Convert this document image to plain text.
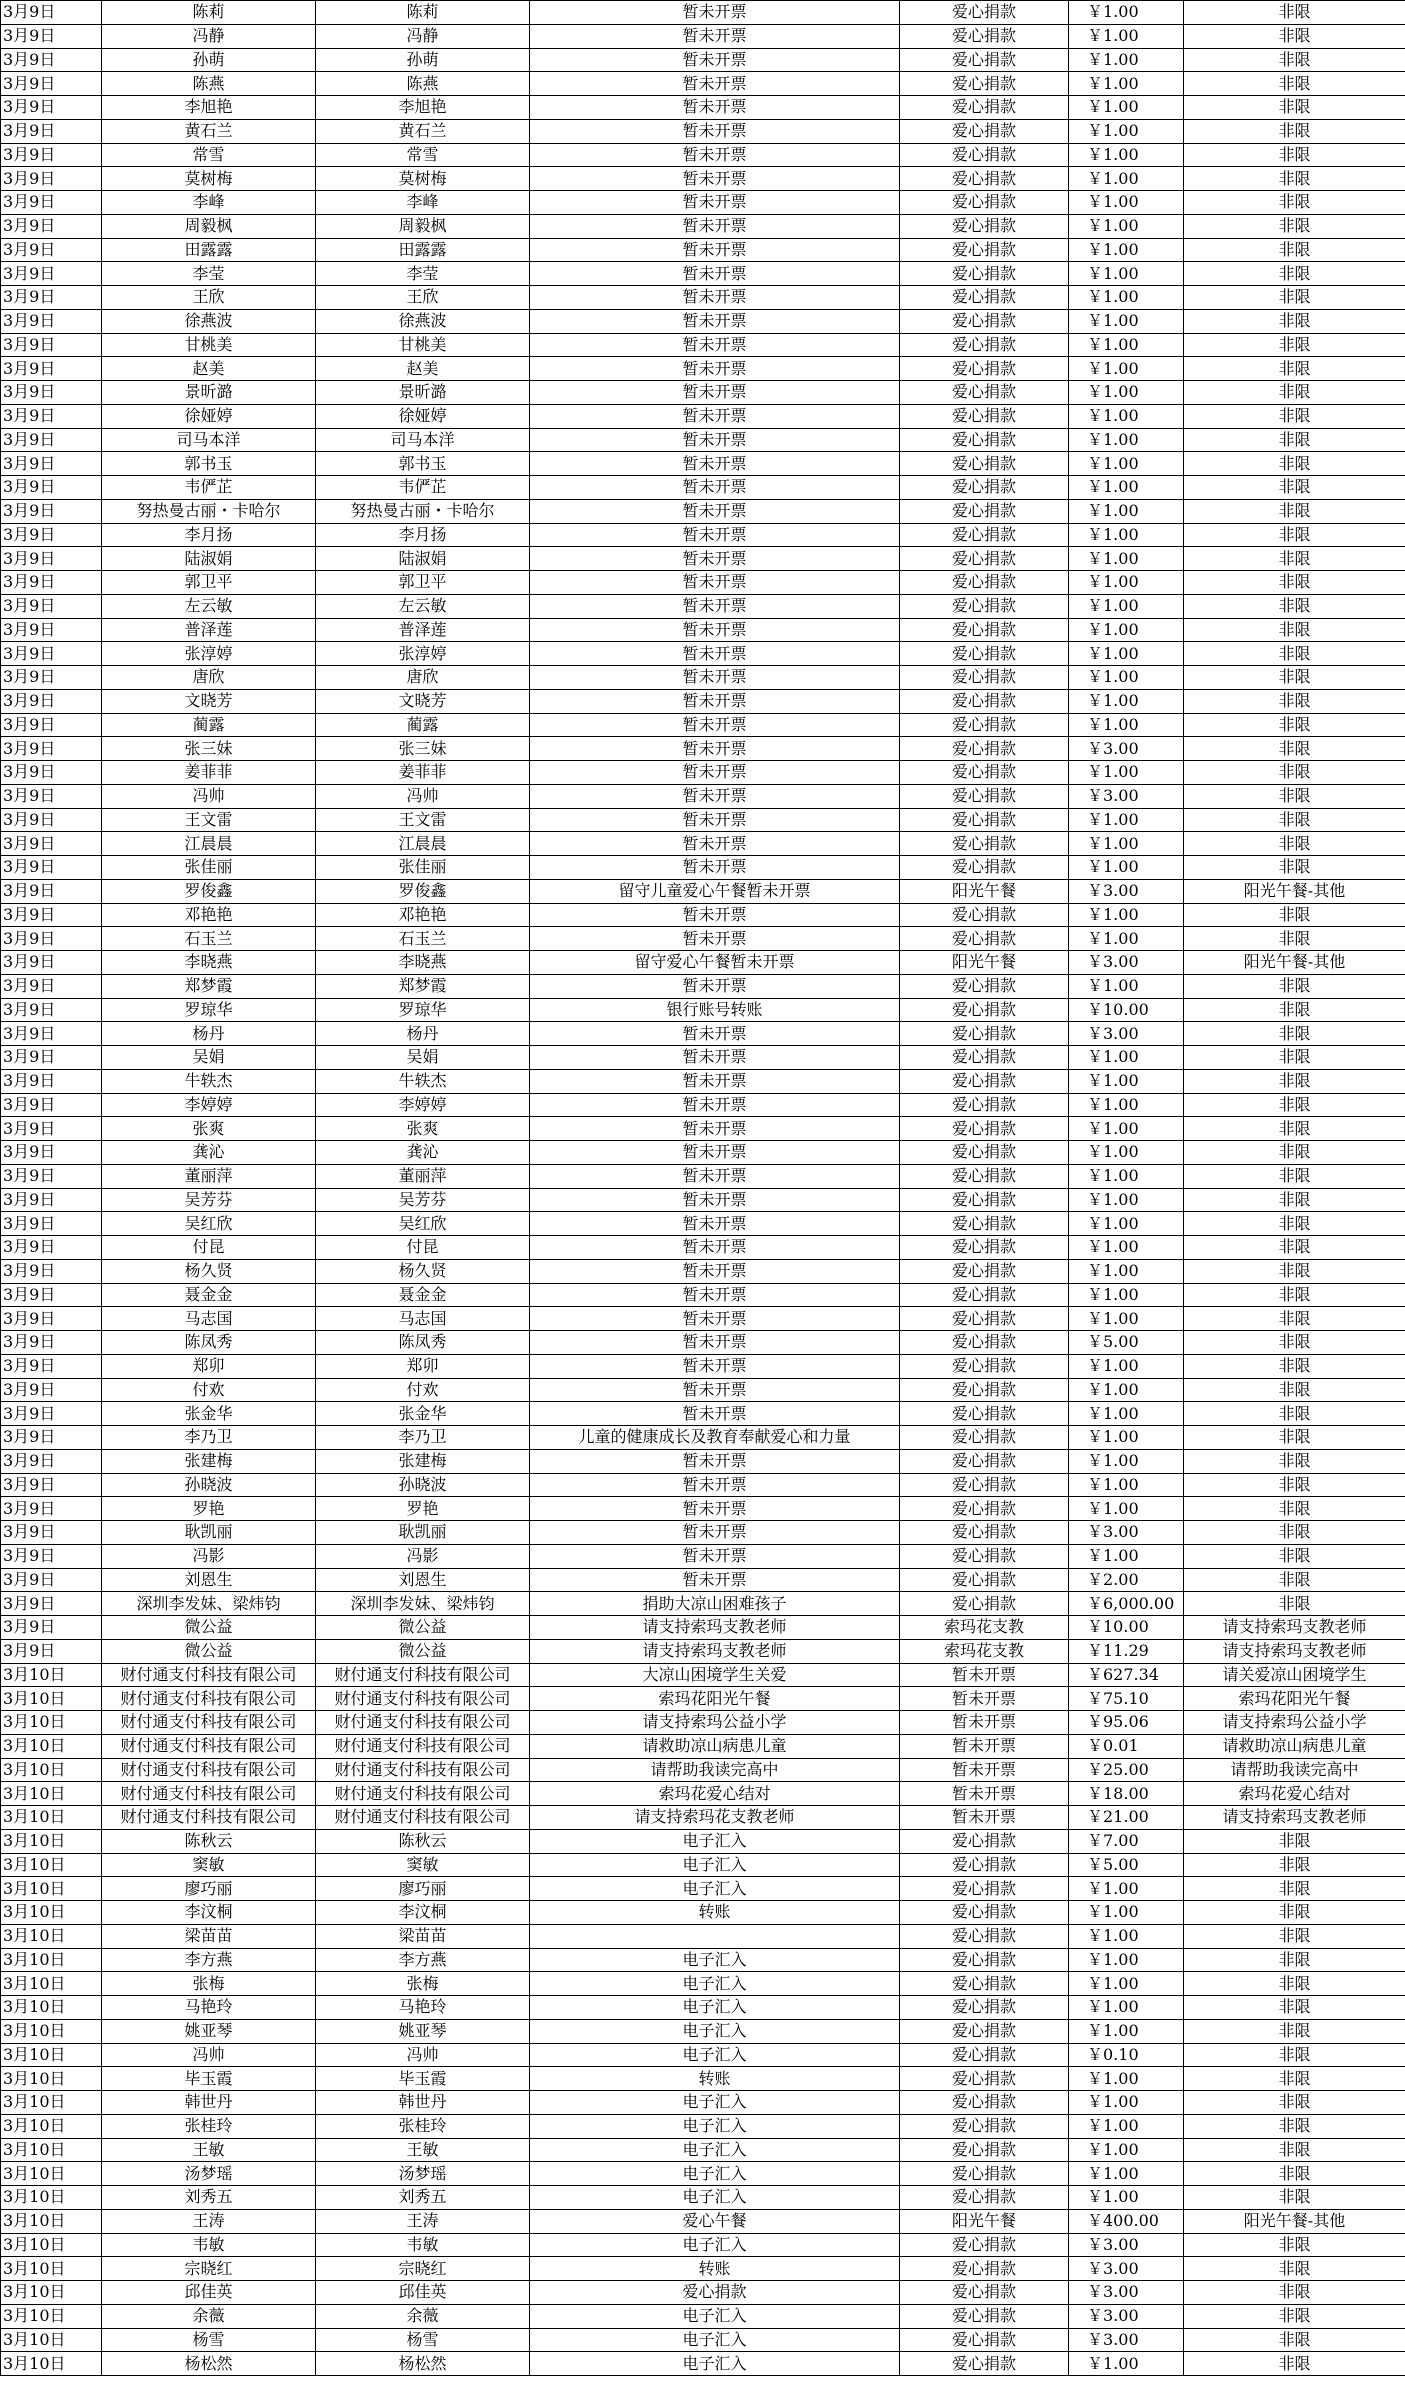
3月9日	陈莉	陈莉	暂未开票	爱心捐款	￥1.00	非限
3月9日	冯静	冯静	暂未开票	爱心捐款	￥1.00	非限
3月9日	孙萌	孙萌	暂未开票	爱心捐款	￥1.00	非限
3月9日	陈燕	陈燕	暂未开票	爱心捐款	￥1.00	非限
3月9日	李旭艳	李旭艳	暂未开票	爱心捐款	￥1.00	非限
3月9日	黄石兰	黄石兰	暂未开票	爱心捐款	￥1.00	非限
3月9日	常雪	常雪	暂未开票	爱心捐款	￥1.00	非限
3月9日	莫树梅	莫树梅	暂未开票	爱心捐款	￥1.00	非限
3月9日	李峰	李峰	暂未开票	爱心捐款	￥1.00	非限
3月9日	周毅枫	周毅枫	暂未开票	爱心捐款	￥1.00	非限
3月9日	田露露	田露露	暂未开票	爱心捐款	￥1.00	非限
3月9日	李莹	李莹	暂未开票	爱心捐款	￥1.00	非限
3月9日	王欣	王欣	暂未开票	爱心捐款	￥1.00	非限
3月9日	徐燕波	徐燕波	暂未开票	爱心捐款	￥1.00	非限
3月9日	甘桃美	甘桃美	暂未开票	爱心捐款	￥1.00	非限
3月9日	赵美	赵美	暂未开票	爱心捐款	￥1.00	非限
3月9日	景昕潞	景昕潞	暂未开票	爱心捐款	￥1.00	非限
3月9日	徐娅婷	徐娅婷	暂未开票	爱心捐款	￥1.00	非限
3月9日	司马本洋	司马本洋	暂未开票	爱心捐款	￥1.00	非限
3月9日	郭书玉	郭书玉	暂未开票	爱心捐款	￥1.00	非限
3月9日	韦俨芷	韦俨芷	暂未开票	爱心捐款	￥1.00	非限
3月9日	努热曼古丽・卡哈尔	努热曼古丽・卡哈尔	暂未开票	爱心捐款	￥1.00	非限
3月9日	李月扬	李月扬	暂未开票	爱心捐款	￥1.00	非限
3月9日	陆淑娟	陆淑娟	暂未开票	爱心捐款	￥1.00	非限
3月9日	郭卫平	郭卫平	暂未开票	爱心捐款	￥1.00	非限
3月9日	左云敏	左云敏	暂未开票	爱心捐款	￥1.00	非限
3月9日	普泽莲	普泽莲	暂未开票	爱心捐款	￥1.00	非限
3月9日	张淳婷	张淳婷	暂未开票	爱心捐款	￥1.00	非限
3月9日	唐欣	唐欣	暂未开票	爱心捐款	￥1.00	非限
3月9日	文晓芳	文晓芳	暂未开票	爱心捐款	￥1.00	非限
3月9日	蔺露	蔺露	暂未开票	爱心捐款	￥1.00	非限
3月9日	张三妹	张三妹	暂未开票	爱心捐款	￥3.00	非限
3月9日	姜菲菲	姜菲菲	暂未开票	爱心捐款	￥1.00	非限
3月9日	冯帅	冯帅	暂未开票	爱心捐款	￥3.00	非限
3月9日	王文雷	王文雷	暂未开票	爱心捐款	￥1.00	非限
3月9日	江晨晨	江晨晨	暂未开票	爱心捐款	￥1.00	非限
3月9日	张佳丽	张佳丽	暂未开票	爱心捐款	￥1.00	非限
3月9日	罗俊鑫	罗俊鑫	留守儿童爱心午餐暂未开票	阳光午餐	￥3.00	阳光午餐-其他
3月9日	邓艳艳	邓艳艳	暂未开票	爱心捐款	￥1.00	非限
3月9日	石玉兰	石玉兰	暂未开票	爱心捐款	￥1.00	非限
3月9日	李晓燕	李晓燕	留守爱心午餐暂未开票	阳光午餐	￥3.00	阳光午餐-其他
3月9日	郑梦霞	郑梦霞	暂未开票	爱心捐款	￥1.00	非限
3月9日	罗琼华	罗琼华	银行账号转账	爱心捐款	￥10.00	非限
3月9日	杨丹	杨丹	暂未开票	爱心捐款	￥3.00	非限
3月9日	吴娟	吴娟	暂未开票	爱心捐款	￥1.00	非限
3月9日	牛轶杰	牛轶杰	暂未开票	爱心捐款	￥1.00	非限
3月9日	李婷婷	李婷婷	暂未开票	爱心捐款	￥1.00	非限
3月9日	张爽	张爽	暂未开票	爱心捐款	￥1.00	非限
3月9日	龚沁	龚沁	暂未开票	爱心捐款	￥1.00	非限
3月9日	董丽萍	董丽萍	暂未开票	爱心捐款	￥1.00	非限
3月9日	吴芳芬	吴芳芬	暂未开票	爱心捐款	￥1.00	非限
3月9日	吴红欣	吴红欣	暂未开票	爱心捐款	￥1.00	非限
3月9日	付昆	付昆	暂未开票	爱心捐款	￥1.00	非限
3月9日	杨久贤	杨久贤	暂未开票	爱心捐款	￥1.00	非限
3月9日	聂金金	聂金金	暂未开票	爱心捐款	￥1.00	非限
3月9日	马志国	马志国	暂未开票	爱心捐款	￥1.00	非限
3月9日	陈凤秀	陈凤秀	暂未开票	爱心捐款	￥5.00	非限
3月9日	郑卯	郑卯	暂未开票	爱心捐款	￥1.00	非限
3月9日	付欢	付欢	暂未开票	爱心捐款	￥1.00	非限
3月9日	张金华	张金华	暂未开票	爱心捐款	￥1.00	非限
3月9日	李乃卫	李乃卫	儿童的健康成长及教育奉献爱心和力量	爱心捐款	￥1.00	非限
3月9日	张建梅	张建梅	暂未开票	爱心捐款	￥1.00	非限
3月9日	孙晓波	孙晓波	暂未开票	爱心捐款	￥1.00	非限
3月9日	罗艳	罗艳	暂未开票	爱心捐款	￥1.00	非限
3月9日	耿凯丽	耿凯丽	暂未开票	爱心捐款	￥3.00	非限
3月9日	冯影	冯影	暂未开票	爱心捐款	￥1.00	非限
3月9日	刘恩生	刘恩生	暂未开票	爱心捐款	￥2.00	非限
3月9日	深圳李发妹、梁炜钧	深圳李发妹、梁炜钧	捐助大凉山困难孩子	爱心捐款	￥6,000.00	非限
3月9日	微公益	微公益	请支持索玛支教老师	索玛花支教	￥10.00	请支持索玛支教老师
3月9日	微公益	微公益	请支持索玛支教老师	索玛花支教	￥11.29	请支持索玛支教老师
3月10日	财付通支付科技有限公司	财付通支付科技有限公司	大凉山困境学生关爱	暂未开票	￥627.34	请关爱凉山困境学生
3月10日	财付通支付科技有限公司	财付通支付科技有限公司	索玛花阳光午餐	暂未开票	￥75.10	索玛花阳光午餐
3月10日	财付通支付科技有限公司	财付通支付科技有限公司	请支持索玛公益小学	暂未开票	￥95.06	请支持索玛公益小学
3月10日	财付通支付科技有限公司	财付通支付科技有限公司	请救助凉山病患儿童	暂未开票	￥0.01	请救助凉山病患儿童
3月10日	财付通支付科技有限公司	财付通支付科技有限公司	请帮助我读完高中	暂未开票	￥25.00	请帮助我读完高中
3月10日	财付通支付科技有限公司	财付通支付科技有限公司	索玛花爱心结对	暂未开票	￥18.00	索玛花爱心结对
3月10日	财付通支付科技有限公司	财付通支付科技有限公司	请支持索玛花支教老师	暂未开票	￥21.00	请支持索玛支教老师
3月10日	陈秋云	陈秋云	电子汇入	爱心捐款	￥7.00	非限
3月10日	窦敏	窦敏	电子汇入	爱心捐款	￥5.00	非限
3月10日	廖巧丽	廖巧丽	电子汇入	爱心捐款	￥1.00	非限
3月10日	李汶桐	李汶桐	转账	爱心捐款	￥1.00	非限
3月10日	梁苗苗	梁苗苗		爱心捐款	￥1.00	非限
3月10日	李方燕	李方燕	电子汇入	爱心捐款	￥1.00	非限
3月10日	张梅	张梅	电子汇入	爱心捐款	￥1.00	非限
3月10日	马艳玲	马艳玲	电子汇入	爱心捐款	￥1.00	非限
3月10日	姚亚琴	姚亚琴	电子汇入	爱心捐款	￥1.00	非限
3月10日	冯帅	冯帅	电子汇入	爱心捐款	￥0.10	非限
3月10日	毕玉霞	毕玉霞	转账	爱心捐款	￥1.00	非限
3月10日	韩世丹	韩世丹	电子汇入	爱心捐款	￥1.00	非限
3月10日	张桂玲	张桂玲	电子汇入	爱心捐款	￥1.00	非限
3月10日	王敏	王敏	电子汇入	爱心捐款	￥1.00	非限
3月10日	汤梦瑶	汤梦瑶	电子汇入	爱心捐款	￥1.00	非限
3月10日	刘秀五	刘秀五	电子汇入	爱心捐款	￥1.00	非限
3月10日	王涛	王涛	爱心午餐	阳光午餐	￥400.00	阳光午餐-其他
3月10日	韦敏	韦敏	电子汇入	爱心捐款	￥3.00	非限
3月10日	宗晓红	宗晓红	转账	爱心捐款	￥3.00	非限
3月10日	邱佳英	邱佳英	爱心捐款	爱心捐款	￥3.00	非限
3月10日	余薇	余薇	电子汇入	爱心捐款	￥3.00	非限
3月10日	杨雪	杨雪	电子汇入	爱心捐款	￥3.00	非限
3月10日	杨松然	杨松然	电子汇入	爱心捐款	￥1.00	非限
